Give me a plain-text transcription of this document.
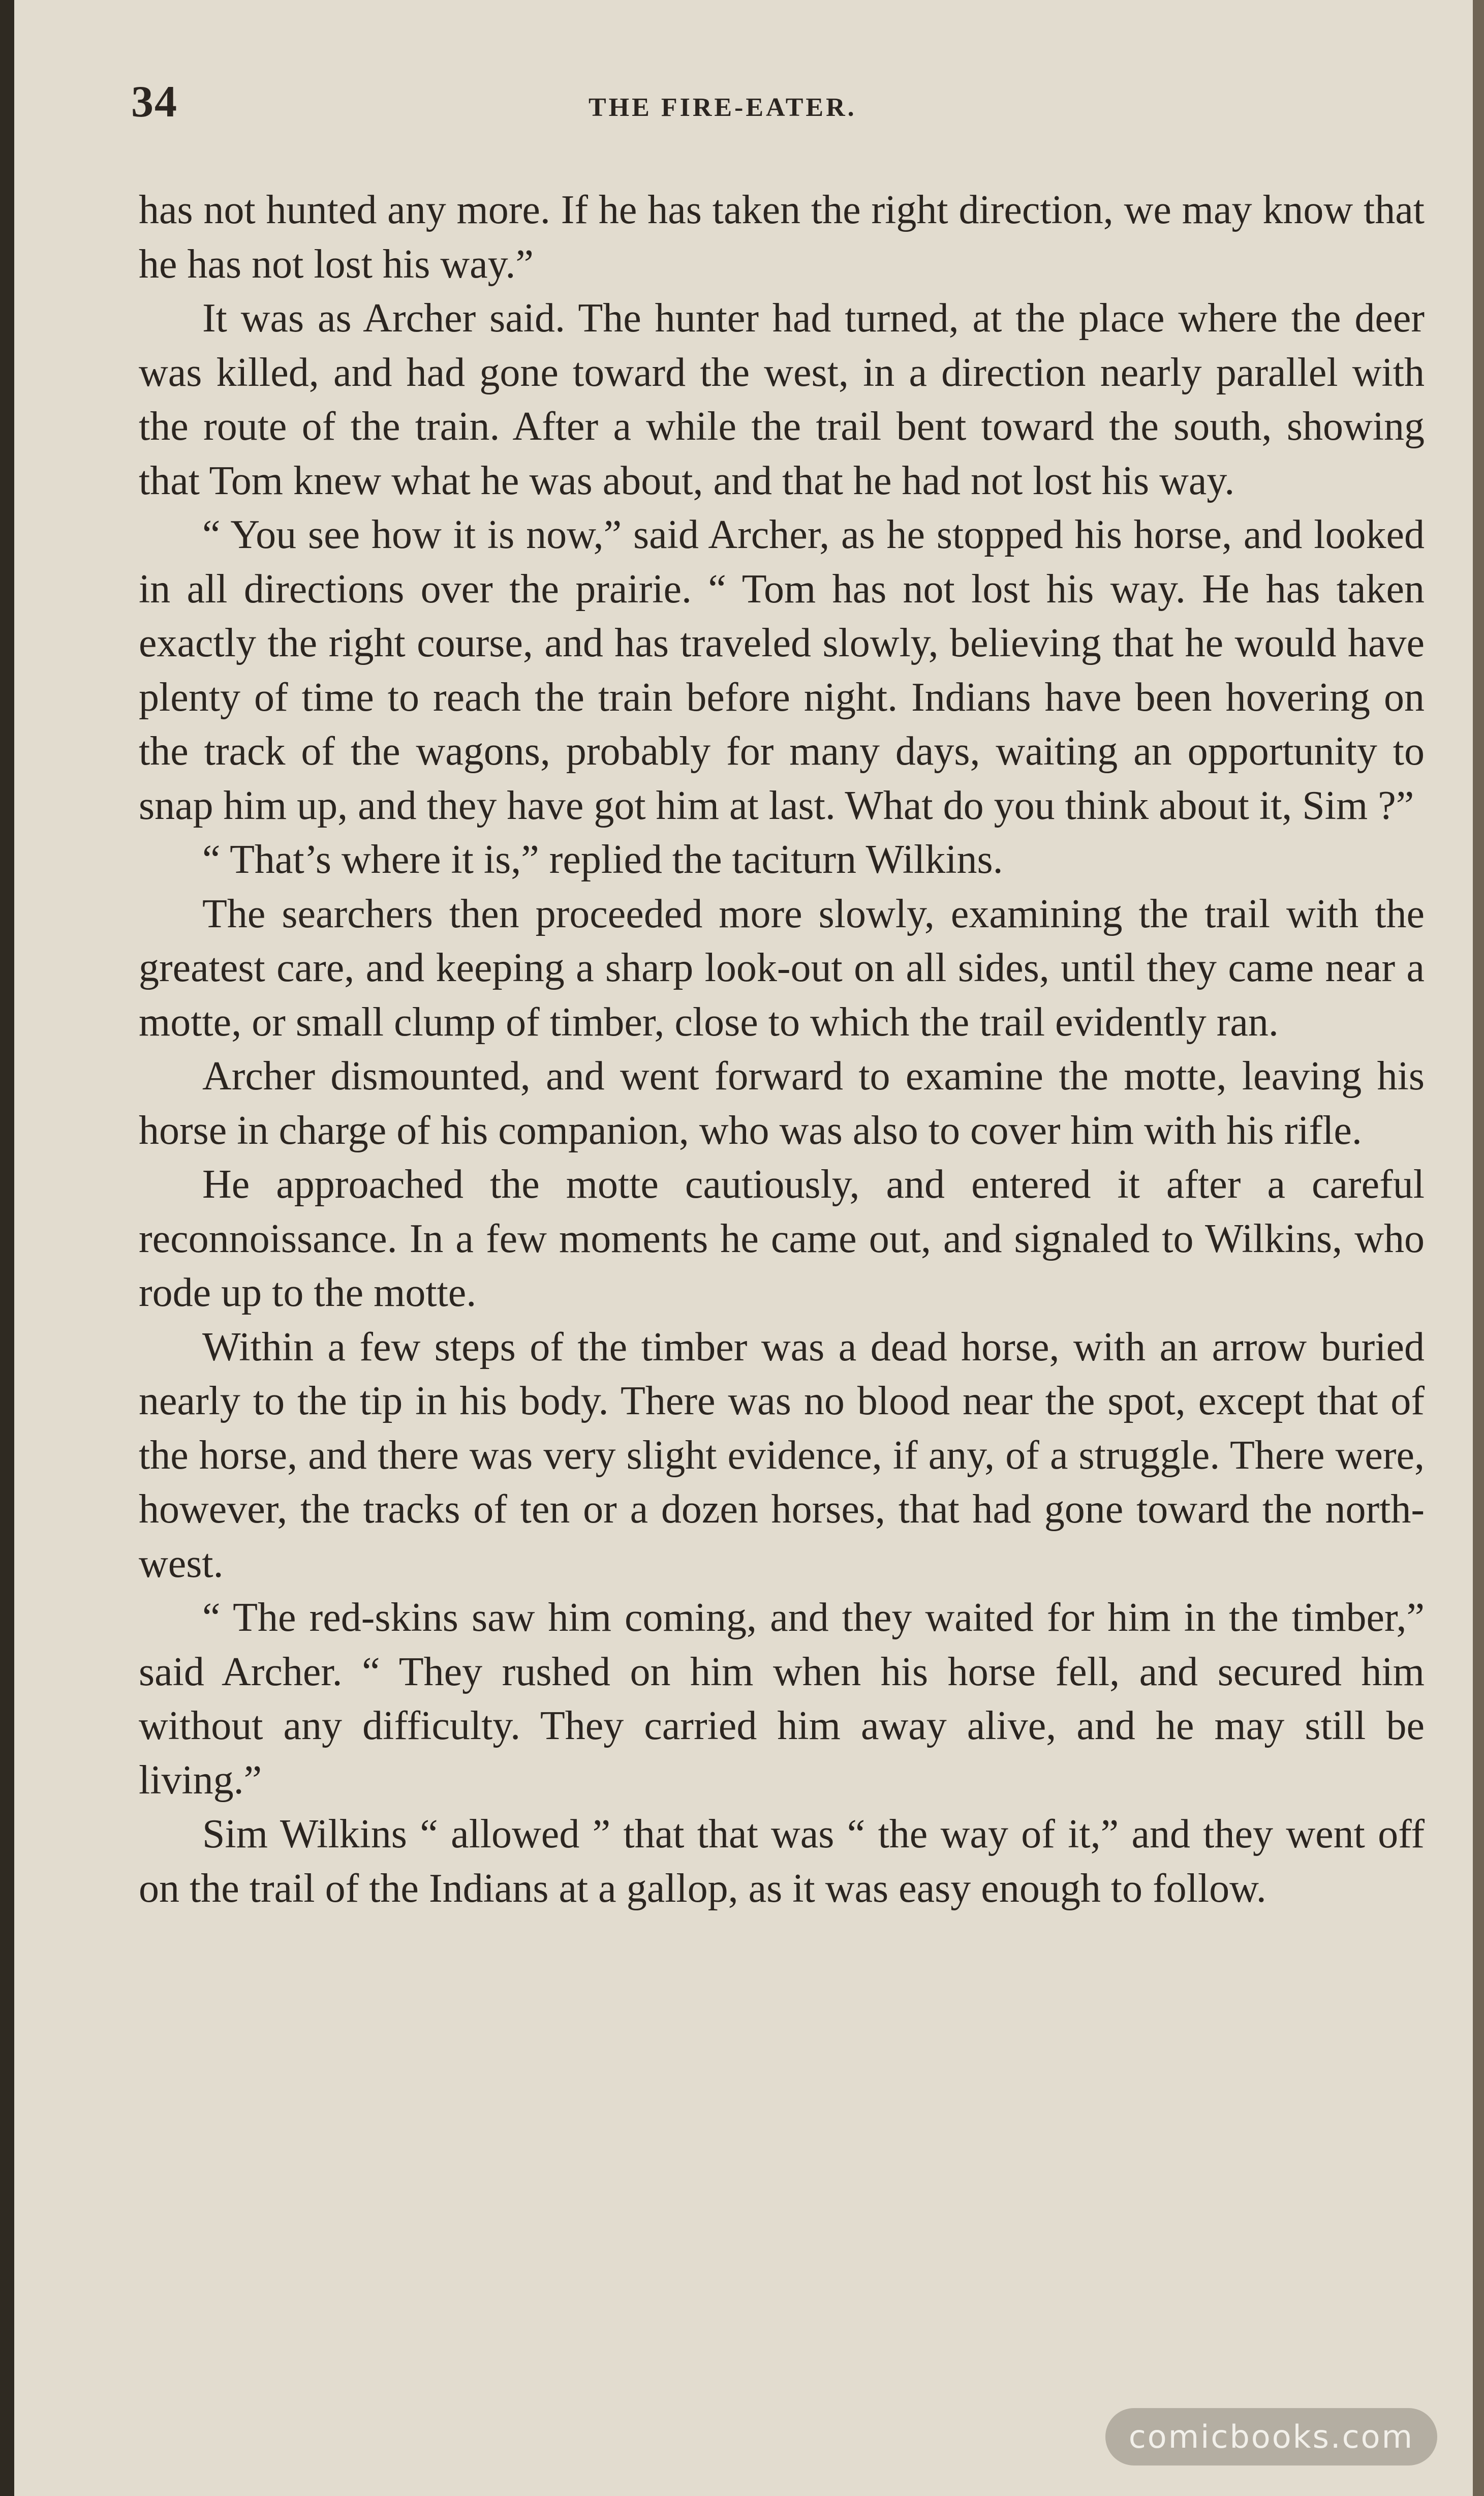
34	THE FIRE-EATER.

has not hunted any more. If he has taken the right direction, we may know that he has not lost his way.”

It was as Archer said. The hunter had turned, at the place where the deer was killed, and had gone toward the west, in a direction nearly parallel with the route of the train. After a while the trail bent toward the south, showing that Tom knew what he was about, and that he had not lost his way.

“ You see how it is now,” said Archer, as he stopped his horse, and looked in all directions over the prairie. “ Tom has not lost his way. He has taken exactly the right course, and has traveled slowly, believing that he would have plenty of time to reach the train before night. Indians have been hovering on the track of the wagons, probably for many days, waiting an opportunity to snap him up, and they have got him at last. What do you think about it, Sim ?”

“ That’s where it is,” replied the taciturn Wilkins.

The searchers then proceeded more slowly, examining the trail with the greatest care, and keeping a sharp look-out on all sides, until they came near a motte, or small clump of timber, close to which the trail evidently ran.

Archer dismounted, and went forward to examine the motte, leaving his horse in charge of his companion, who was also to cover him with his rifle.

He approached the motte cautiously, and entered it after a careful reconnoissance. In a few moments he came out, and signaled to Wilkins, who rode up to the motte.

Within a few steps of the timber was a dead horse, with an arrow buried nearly to the tip in his body. There was no blood near the spot, except that of the horse, and there was very slight evidence, if any, of a struggle. There were, however, the tracks of ten or a dozen horses, that had gone toward the north-west.

“ The red-skins saw him coming, and they waited for him in the timber,” said Archer. “ They rushed on him when his horse fell, and secured him without any difficulty. They carried him away alive, and he may still be living.”

Sim Wilkins “ allowed ” that that was “ the way of it,” and they went off on the trail of the Indians at a gallop, as it was easy enough to follow.

comicbooks.com
